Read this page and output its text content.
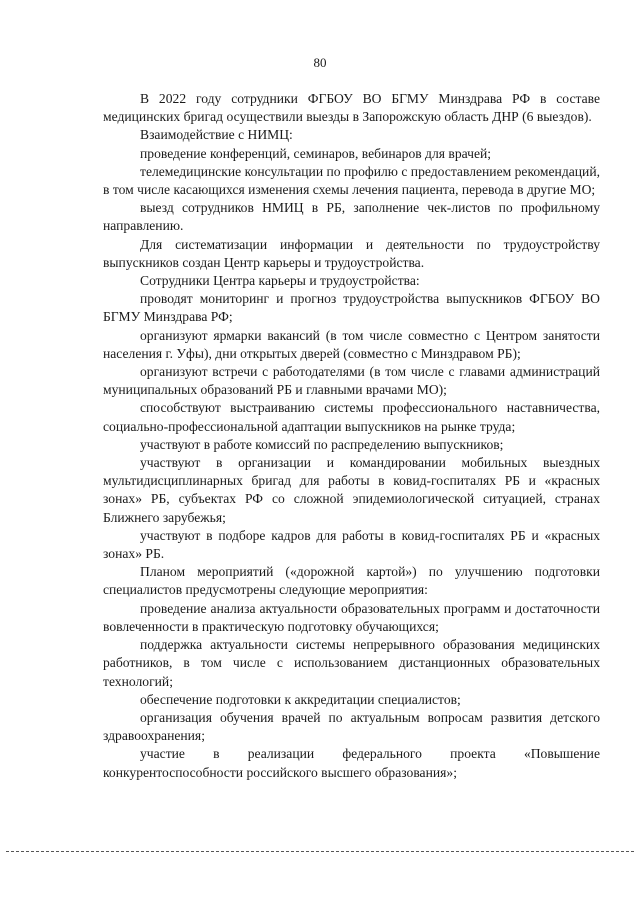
80

В 2022 году сотрудники ФГБОУ ВО БГМУ Минздрава РФ в составе медицинских бригад осуществили выезды в Запорожскую область ДНР (6 выездов).

Взаимодействие с НИМЦ:

проведение конференций, семинаров, вебинаров для врачей;

телемедицинские консультации по профилю с предоставлением рекомендаций, в том числе касающихся изменения схемы лечения пациента, перевода в другие МО;

выезд сотрудников НМИЦ в РБ, заполнение чек-листов по профильному направлению.

Для систематизации информации и деятельности по трудоустройству выпускников создан Центр карьеры и трудоустройства.

Сотрудники Центра карьеры и трудоустройства:

проводят мониторинг и прогноз трудоустройства выпускников ФГБОУ ВО БГМУ Минздрава РФ;

организуют ярмарки вакансий (в том числе совместно с Центром занятости населения г. Уфы), дни открытых дверей (совместно с Минздравом РБ);

организуют встречи с работодателями (в том числе с главами администраций муниципальных образований РБ и главными врачами МО);

способствуют выстраиванию системы профессионального наставничества, социально-профессиональной адаптации выпускников на рынке труда;

участвуют в работе комиссий по распределению выпускников;

участвуют в организации и командировании мобильных выездных мультидисциплинарных бригад для работы в ковид-госпиталях РБ и «красных зонах» РБ, субъектах РФ со сложной эпидемиологической ситуацией, странах Ближнего зарубежья;

участвуют в подборе кадров для работы в ковид-госпиталях РБ и «красных зонах» РБ.

Планом мероприятий («дорожной картой») по улучшению подготовки специалистов предусмотрены следующие мероприятия:

проведение анализа актуальности образовательных программ и достаточности вовлеченности в практическую подготовку обучающихся;

поддержка актуальности системы непрерывного образования медицинских работников, в том числе с использованием дистанционных образовательных технологий;

обеспечение подготовки к аккредитации специалистов;

организация обучения врачей по актуальным вопросам развития детского здравоохранения;

участие в реализации федерального проекта «Повышение конкурентоспособности российского высшего образования»;
